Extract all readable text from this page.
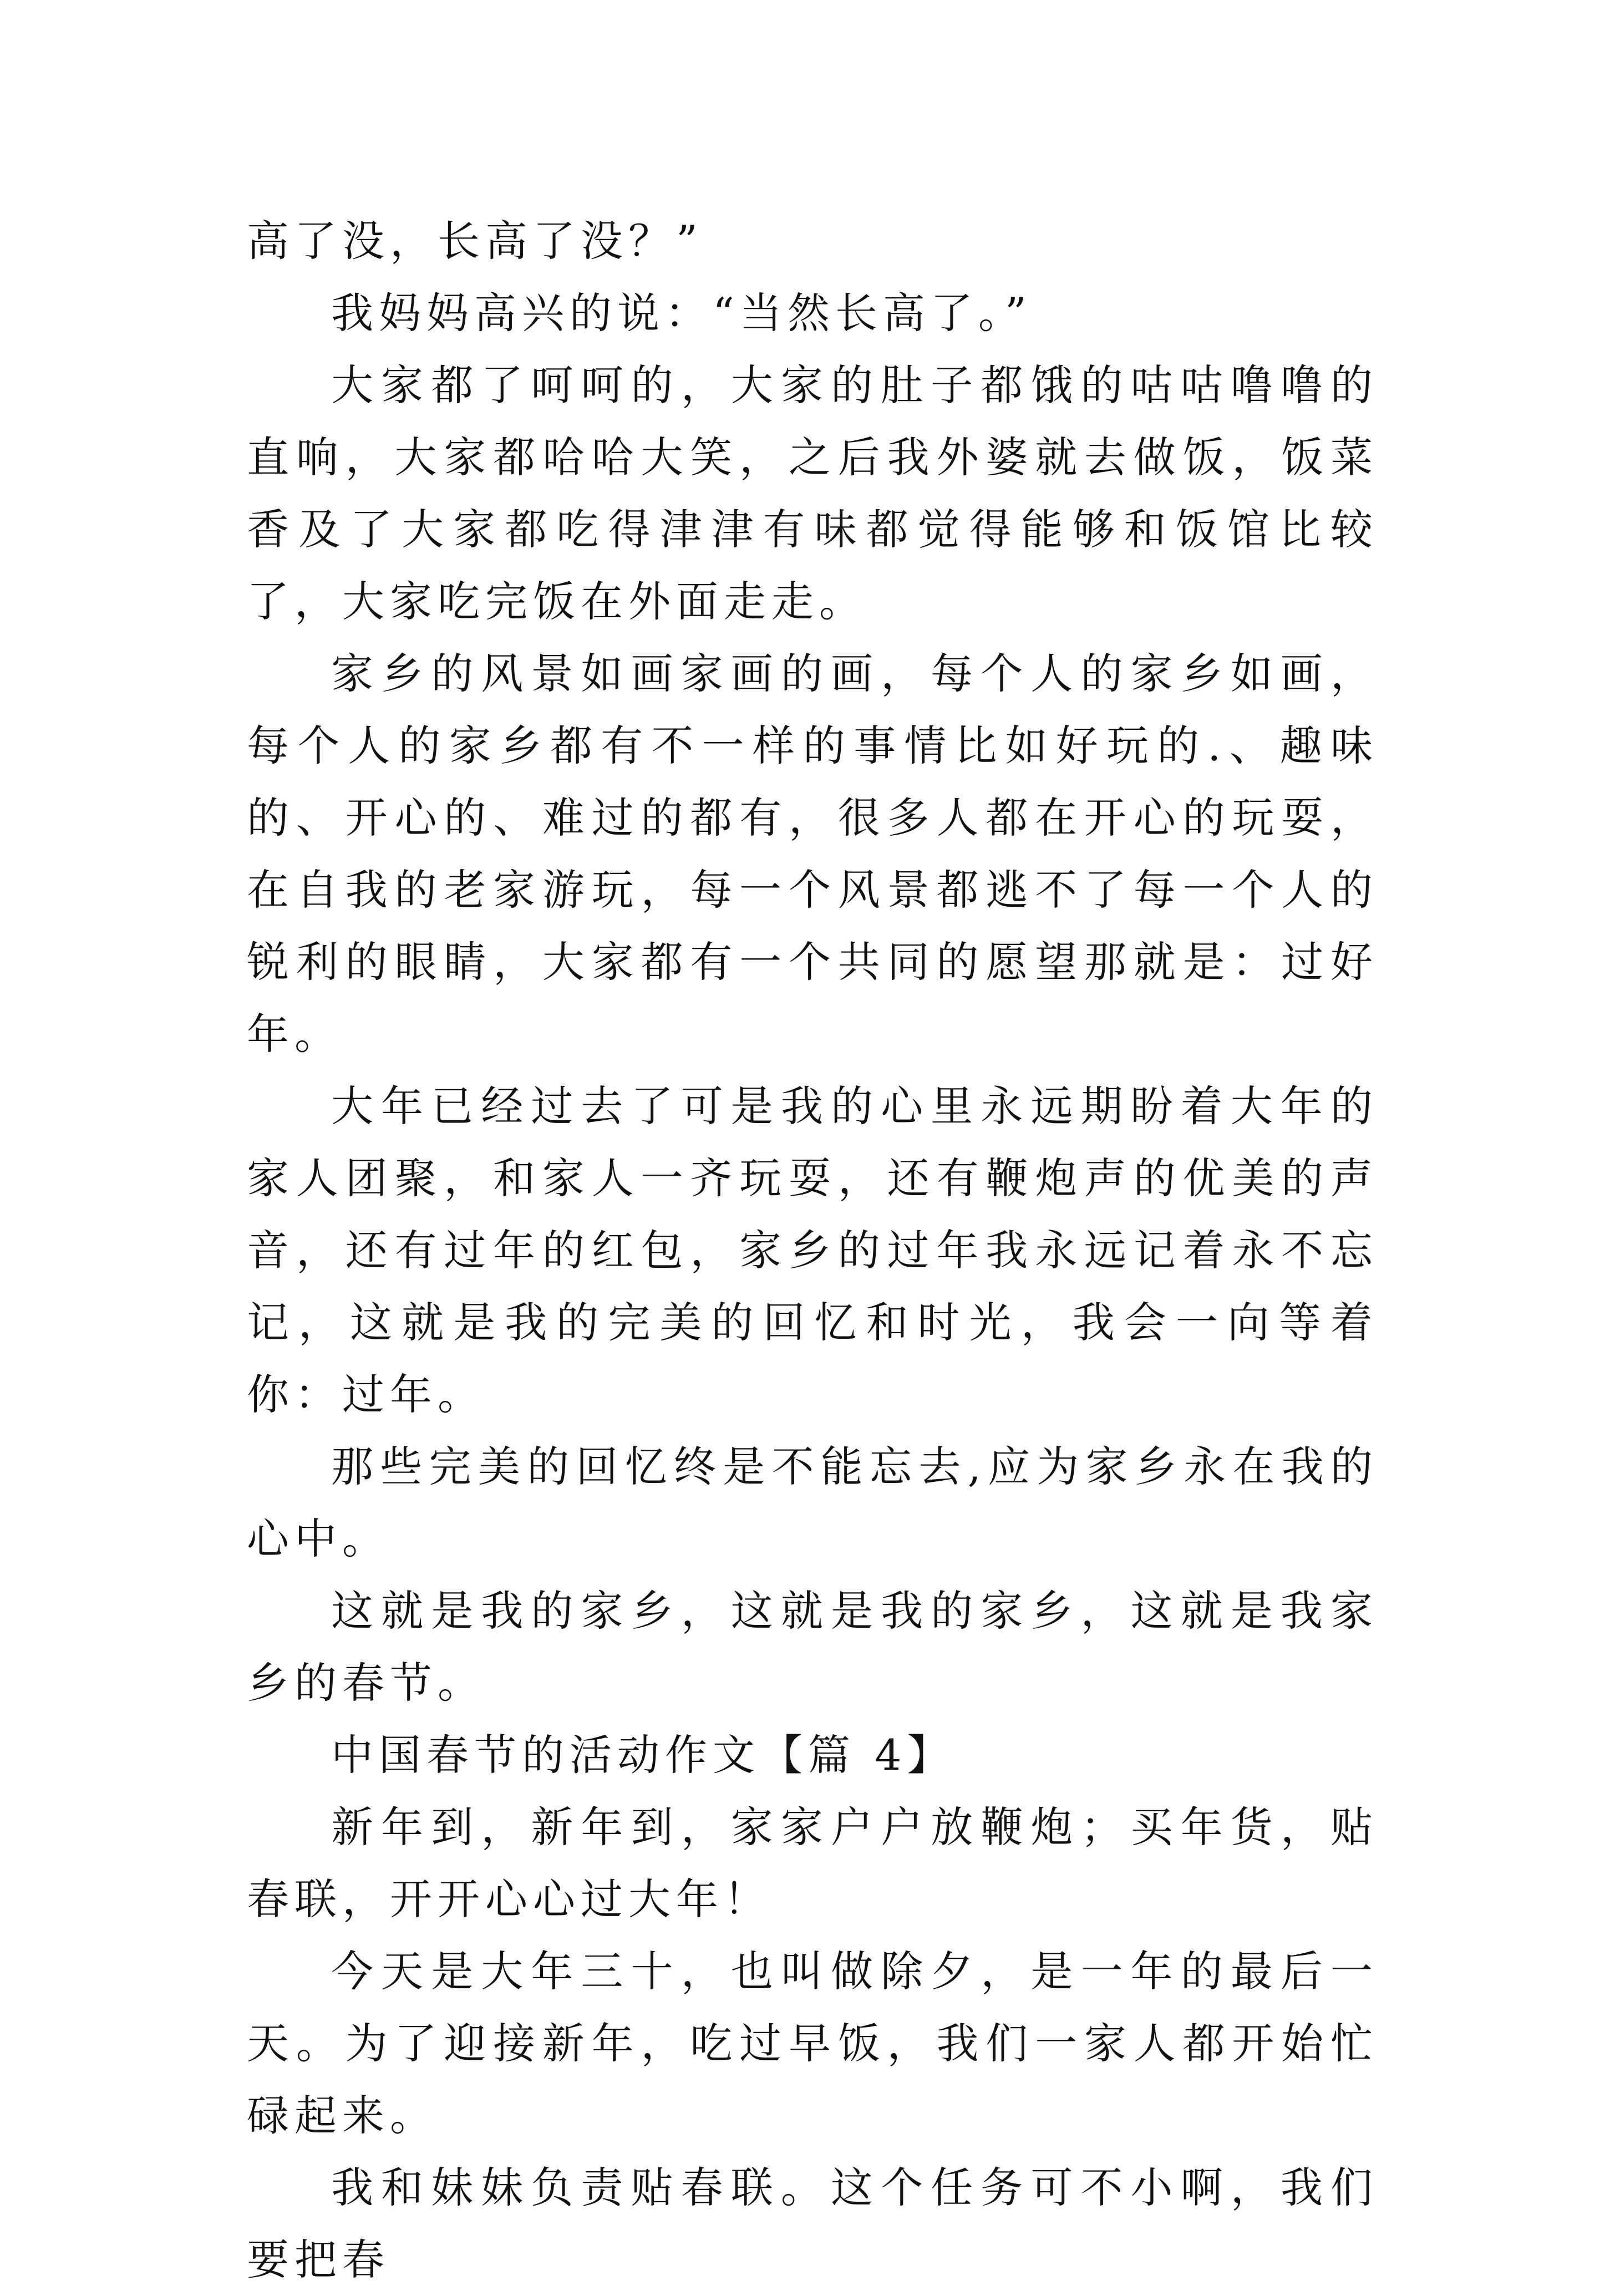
高了没，长高了没？”

我妈妈高兴的说：“当然长高了。”

大家都了呵呵的，大家的肚子都饿的咕咕噜噜的直响，大家都哈哈大笑，之后我外婆就去做饭，饭菜香及了大家都吃得津津有味都觉得能够和饭馆比较了，大家吃完饭在外面走走。

家乡的风景如画家画的画，每个人的家乡如画，每个人的家乡都有不一样的事情比如好玩的.、趣味的、开心的、难过的都有，很多人都在开心的玩耍，在自我的老家游玩，每一个风景都逃不了每一个人的锐利的眼睛，大家都有一个共同的愿望那就是：过好年。

大年已经过去了可是我的心里永远期盼着大年的家人团聚，和家人一齐玩耍，还有鞭炮声的优美的声音，还有过年的红包，家乡的过年我永远记着永不忘记，这就是我的完美的回忆和时光，我会一向等着你：过年。

那些完美的回忆终是不能忘去,应为家乡永在我的心中。

这就是我的家乡，这就是我的家乡，这就是我家乡的春节。

中国春节的活动作文【篇 4】

新年到，新年到，家家户户放鞭炮；买年货，贴春联，开开心心过大年！

今天是大年三十，也叫做除夕，是一年的最后一天。为了迎接新年，吃过早饭，我们一家人都开始忙碌起来。

我和妹妹负责贴春联。这个任务可不小啊，我们要把春
